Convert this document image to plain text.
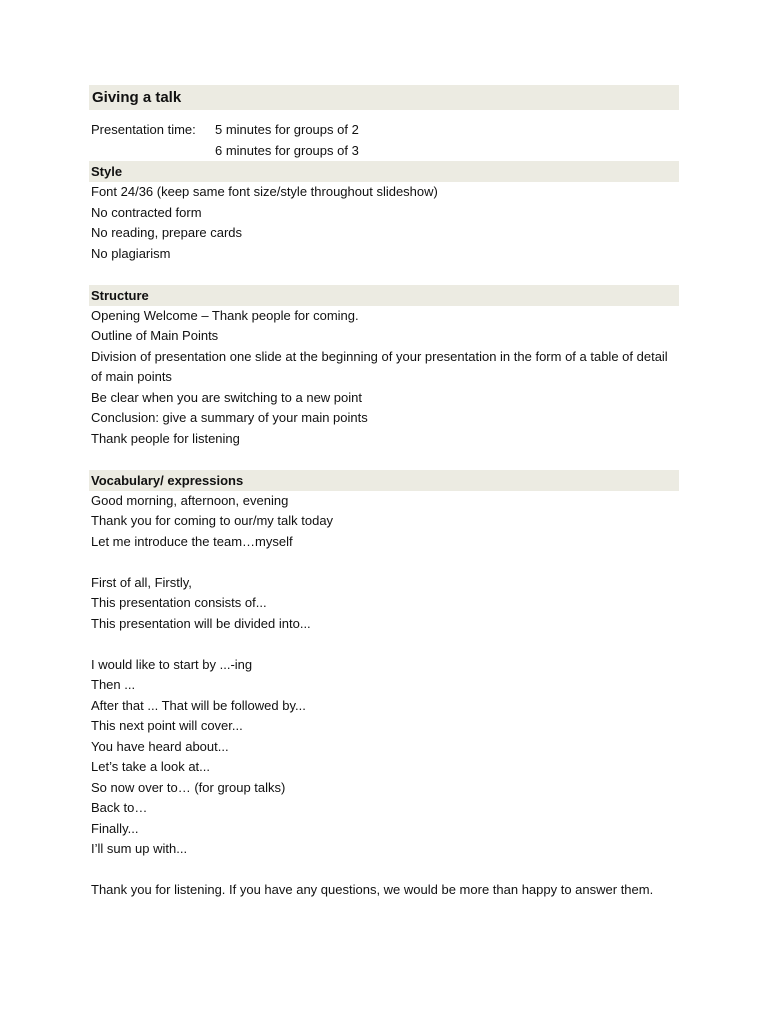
Giving a talk
Presentation time:	5 minutes for groups of 2
6 minutes for groups of 3
Style
Font 24/36 (keep same font size/style throughout slideshow)
No contracted form
No reading, prepare cards
No plagiarism
Structure
Opening Welcome – Thank people for coming.
Outline of Main Points
Division of presentation one slide at the beginning of your presentation in the form of a table of detail of main points
Be clear when you are switching to a new point
Conclusion: give a summary of your main points
Thank people for listening
Vocabulary/ expressions
Good morning, afternoon, evening
Thank you for coming to our/my talk today
Let me introduce the team…myself
First of all, Firstly,
This presentation consists of...
This presentation will be divided into...
I would like to start by ...-ing
Then ...
After that ... That will be followed by...
This next point will cover...
You have heard about...
Let’s take a look at...
So now over to… (for group talks)
Back to…
Finally...
I’ll sum up with...
Thank you for listening. If you have any questions, we would be more than happy to answer them.
